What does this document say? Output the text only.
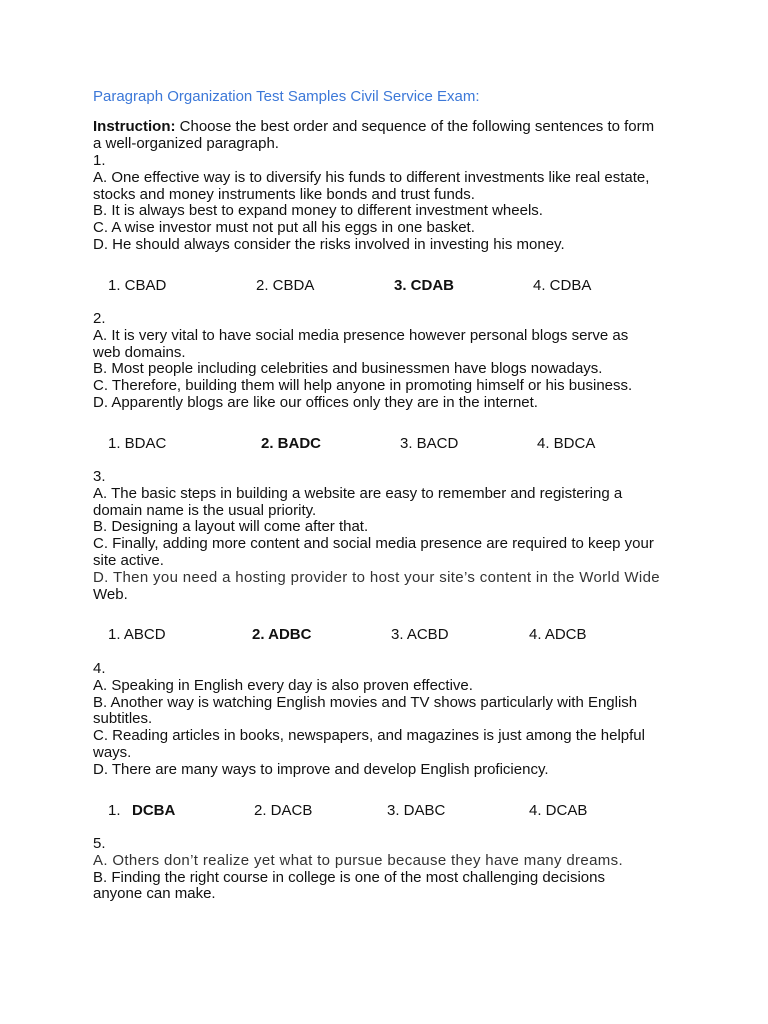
Paragraph Organization Test Samples Civil Service Exam:
Instruction: Choose the best order and sequence of the following sentences to form
a well-organized paragraph.
1.
A. One effective way is to diversify his funds to different investments like real estate,
stocks and money instruments like bonds and trust funds.
B. It is always best to expand money to different investment wheels.
C. A wise investor must not put all his eggs in one basket.
D. He should always consider the risks involved in investing his money.
1. CBAD	2. CBDA	3. CDAB	4. CDBA
2.
A. It is very vital to have social media presence however personal blogs serve as
web domains.
B. Most people including celebrities and businessmen have blogs nowadays.
C. Therefore, building them will help anyone in promoting himself or his business.
D. Apparently blogs are like our offices only they are in the internet.
1. BDAC	2. BADC	3. BACD	4. BDCA
3.
A. The basic steps in building a website are easy to remember and registering a
domain name is the usual priority.
B. Designing a layout will come after that.
C. Finally, adding more content and social media presence are required to keep your
site active.
D. Then you need a hosting provider to host your site’s content in the World Wide
Web.
1. ABCD	2. ADBC	3. ACBD	4. ADCB
4.
A. Speaking in English every day is also proven effective.
B. Another way is watching English movies and TV shows particularly with English
subtitles.
C. Reading articles in books, newspapers, and magazines is just among the helpful
ways.
D. There are many ways to improve and develop English proficiency.
1. DCBA	2. DACB	3. DABC	4. DCAB
5.
A. Others don’t realize yet what to pursue because they have many dreams.
B. Finding the right course in college is one of the most challenging decisions
anyone can make.
